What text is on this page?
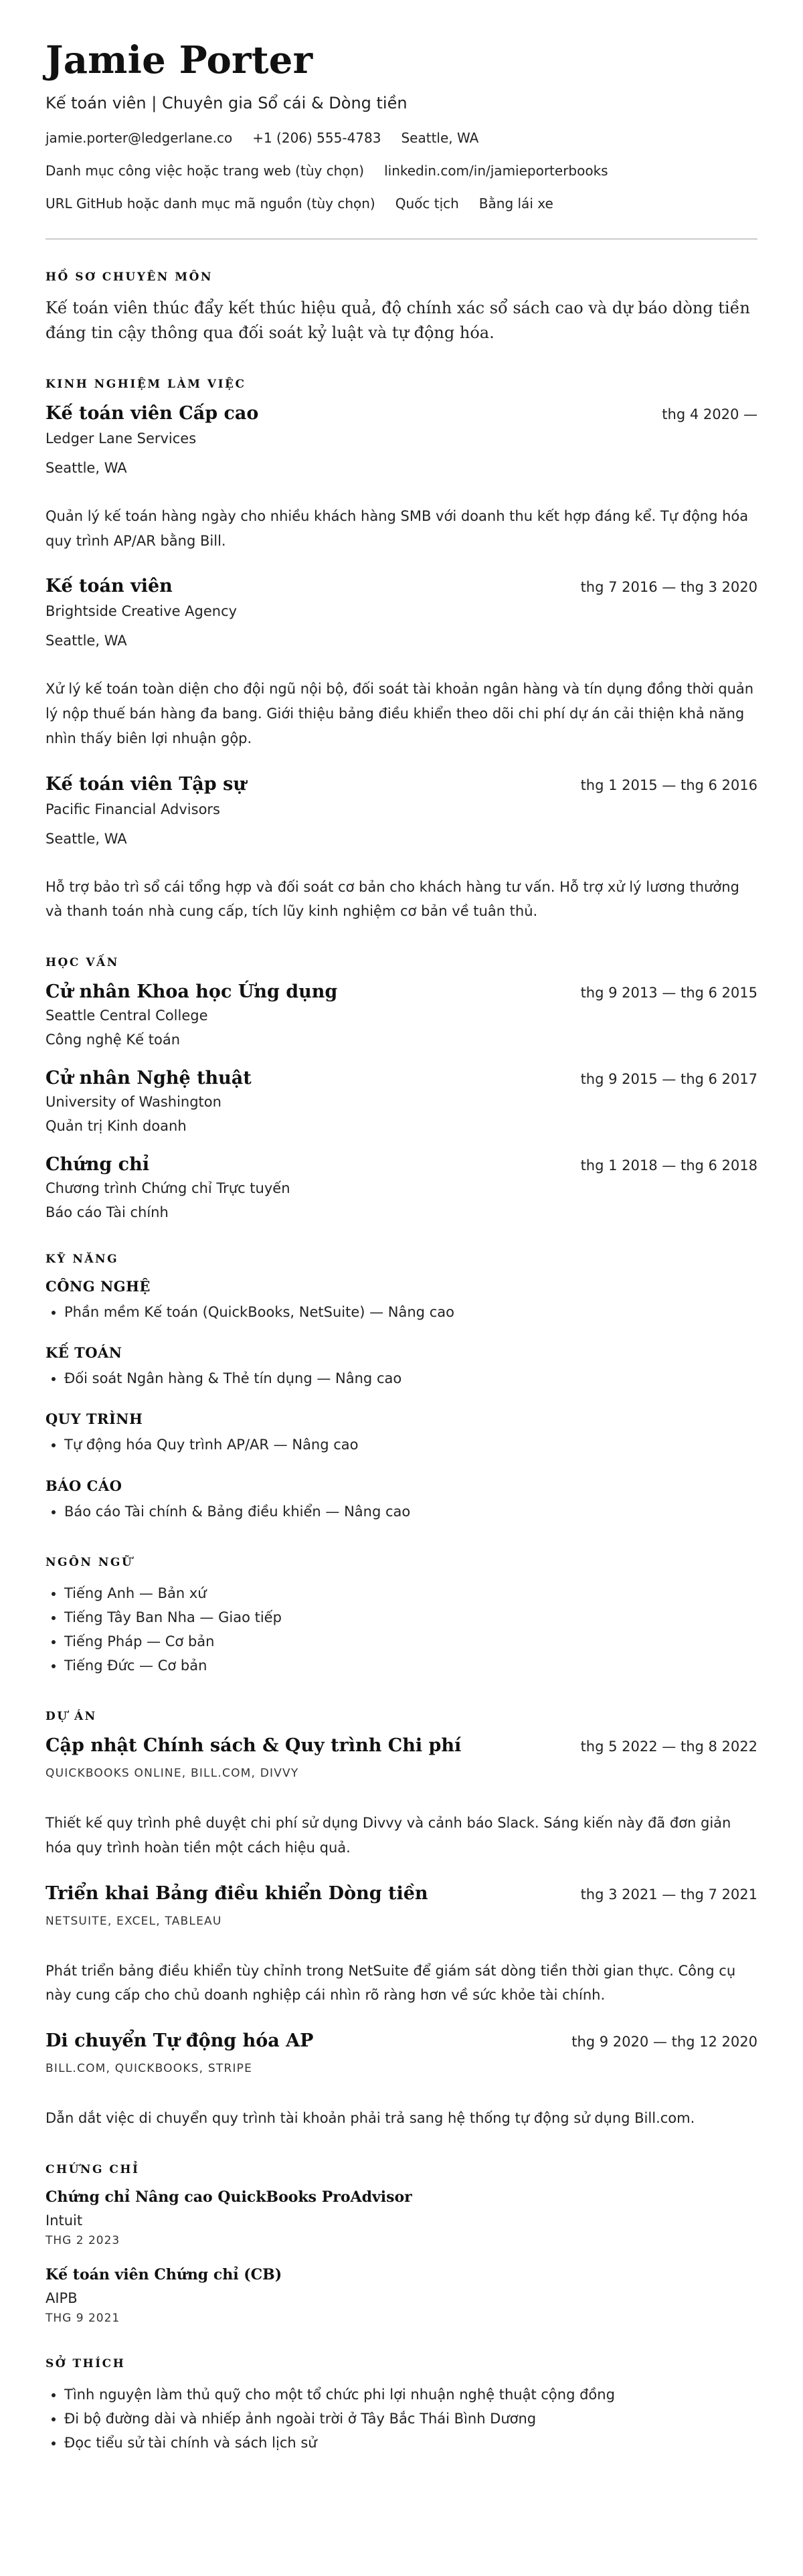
Jamie Porter
Kế toán viên | Chuyên gia Sổ cái & Dòng tiền
jamie.porter@ledgerlane.co +1 (206) 555-4783 Seattle, WA
Danh mục công việc hoặc trang web (tùy chọn) linkedin.com/in/jamieporterbooks
URL GitHub hoặc danh mục mã nguồn (tùy chọn) Quốc tịch Bằng lái xe
HỒ SƠ CHUYÊN MÔN
Kế toán viên thúc đẩy kết thúc hiệu quả, độ chính xác sổ sách cao và dự báo dòng tiền đáng tin cậy thông qua đối soát kỷ luật và tự động hóa.
KINH NGHIỆM LÀM VIỆC
Kế toán viên Cấp cao	thg 4 2020 —
Ledger Lane Services
Seattle, WA
Quản lý kế toán hàng ngày cho nhiều khách hàng SMB với doanh thu kết hợp đáng kể. Tự động hóa quy trình AP/AR bằng Bill.
Kế toán viên	thg 7 2016 — thg 3 2020
Brightside Creative Agency
Seattle, WA
Xử lý kế toán toàn diện cho đội ngũ nội bộ, đối soát tài khoản ngân hàng và tín dụng đồng thời quản lý nộp thuế bán hàng đa bang. Giới thiệu bảng điều khiển theo dõi chi phí dự án cải thiện khả năng nhìn thấy biên lợi nhuận gộp.
Kế toán viên Tập sự	thg 1 2015 — thg 6 2016
Pacific Financial Advisors
Seattle, WA
Hỗ trợ bảo trì sổ cái tổng hợp và đối soát cơ bản cho khách hàng tư vấn. Hỗ trợ xử lý lương thưởng và thanh toán nhà cung cấp, tích lũy kinh nghiệm cơ bản về tuân thủ.
HỌC VẤN
Cử nhân Khoa học Ứng dụng	thg 9 2013 — thg 6 2015
Seattle Central College
Công nghệ Kế toán
Cử nhân Nghệ thuật	thg 9 2015 — thg 6 2017
University of Washington
Quản trị Kinh doanh
Chứng chỉ	thg 1 2018 — thg 6 2018
Chương trình Chứng chỉ Trực tuyến
Báo cáo Tài chính
KỸ NĂNG
CÔNG NGHỆ
• Phần mềm Kế toán (QuickBooks, NetSuite) — Nâng cao
KẾ TOÁN
• Đối soát Ngân hàng & Thẻ tín dụng — Nâng cao
QUY TRÌNH
• Tự động hóa Quy trình AP/AR — Nâng cao
BÁO CÁO
• Báo cáo Tài chính & Bảng điều khiển — Nâng cao
NGÔN NGỮ
• Tiếng Anh — Bản xứ
• Tiếng Tây Ban Nha — Giao tiếp
• Tiếng Pháp — Cơ bản
• Tiếng Đức — Cơ bản
DỰ ÁN
Cập nhật Chính sách & Quy trình Chi phí	thg 5 2022 — thg 8 2022
QUICKBOOKS ONLINE, BILL.COM, DIVVY
Thiết kế quy trình phê duyệt chi phí sử dụng Divvy và cảnh báo Slack. Sáng kiến này đã đơn giản hóa quy trình hoàn tiền một cách hiệu quả.
Triển khai Bảng điều khiển Dòng tiền	thg 3 2021 — thg 7 2021
NETSUITE, EXCEL, TABLEAU
Phát triển bảng điều khiển tùy chỉnh trong NetSuite để giám sát dòng tiền thời gian thực. Công cụ này cung cấp cho chủ doanh nghiệp cái nhìn rõ ràng hơn về sức khỏe tài chính.
Di chuyển Tự động hóa AP	thg 9 2020 — thg 12 2020
BILL.COM, QUICKBOOKS, STRIPE
Dẫn dắt việc di chuyển quy trình tài khoản phải trả sang hệ thống tự động sử dụng Bill.com.
CHỨNG CHỈ
Chứng chỉ Nâng cao QuickBooks ProAdvisor
Intuit
THG 2 2023
Kế toán viên Chứng chỉ (CB)
AIPB
THG 9 2021
SỞ THÍCH
• Tình nguyện làm thủ quỹ cho một tổ chức phi lợi nhuận nghệ thuật cộng đồng
• Đi bộ đường dài và nhiếp ảnh ngoài trời ở Tây Bắc Thái Bình Dương
• Đọc tiểu sử tài chính và sách lịch sử
